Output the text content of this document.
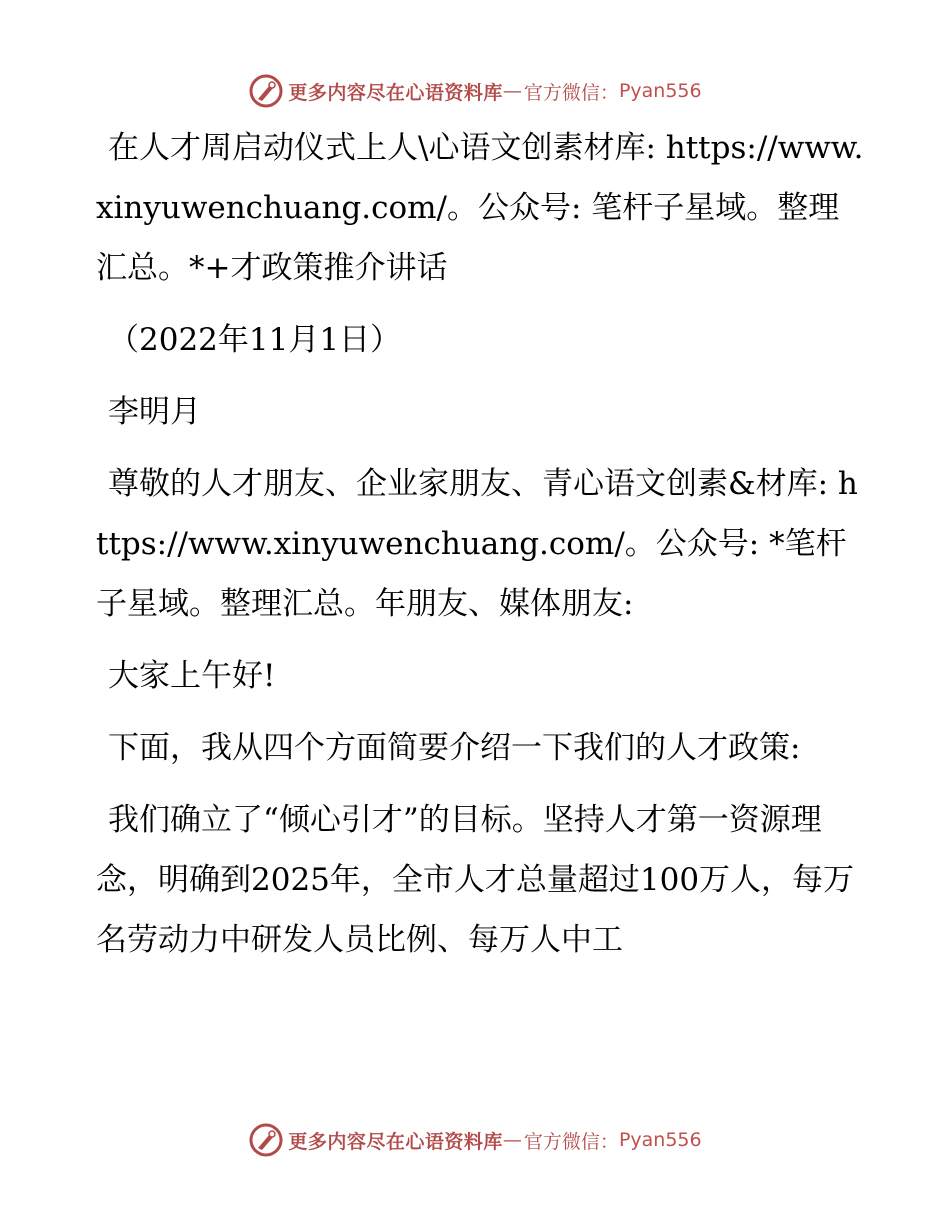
更多内容尽在心语资料库 — 官方微信： Pyan556

在人才周启动仪式上人\心语文创素材库: https://www.xinyuwenchuang.com/。公众号: 笔杆子星域。整理汇总。*+才政策推介讲话

（2022年11月1日）

李明月

尊敬的人才朋友、企业家朋友、青心语文创素&材库: https://www.xinyuwenchuang.com/。公众号: *笔杆子星域。整理汇总。年朋友、媒体朋友:

大家上午好!

下面，我从四个方面简要介绍一下我们的人才政策:

我们确立了“倾心引才”的目标。坚持人才第一资源理念，明确到2025年，全市人才总量超过100万人，每万名劳动力中研发人员比例、每万人中工

更多内容尽在心语资料库 — 官方微信： Pyan556
